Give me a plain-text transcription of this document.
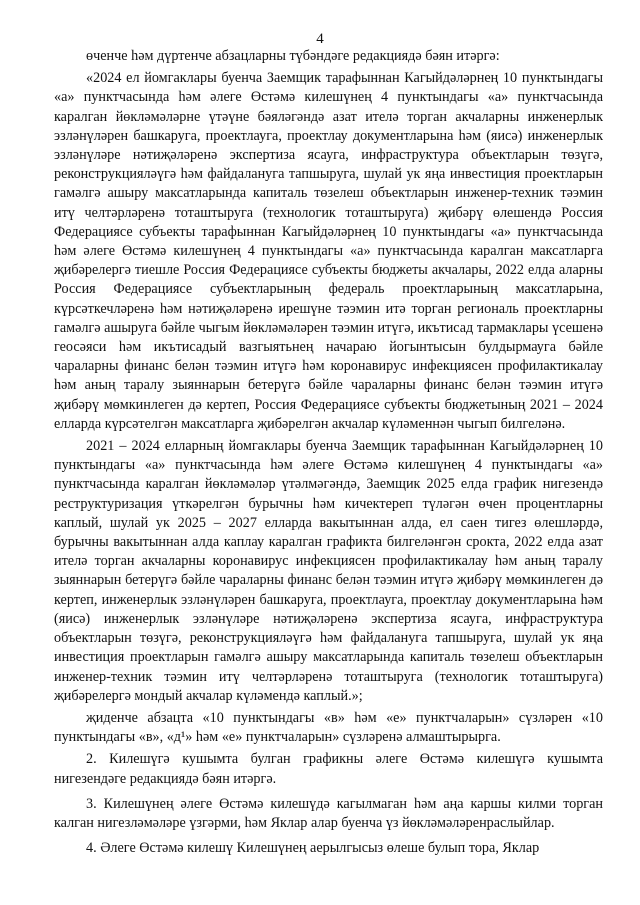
4

өченче һәм дүртенче абзацларны түбәндәге редакциядә бәян итәргә:

«2024 ел йомгаклары буенча Заемщик тарафыннан Кагыйдәләрнең 10 пунктындагы «а» пунктчасында һәм әлеге Өстәмә килешүнең 4 пунктындагы «а» пунктчасында каралган йөкләмәләрне үтәүне бәяләгәндә азат ителә торган акчаларны инженерлык эзләнүләрен башкаруга, проектлауга, проектлау документларына һәм (яисә) инженерлык эзләнүләре нәтиҗәләренә экспертиза ясауга, инфраструктура объектларын төзүгә, реконструкцияләүгә һәм файдалануга тапшыруга, шулай ук яңа инвестиция проектларын гамәлгә ашыру максатларында капиталь төзелеш объектларын инженер-техник тәэмин итү челтәрләренә тоташтыруга (технологик тоташтыруга) җибәрү өлешендә Россия Федерациясе субъекты тарафыннан Кагыйдәләрнең 10 пунктындагы «а» пунктчасында һәм әлеге Өстәмә килешүнең 4 пунктындагы «а» пунктчасында каралган максатларга җибәрелергә тиешле Россия Федерациясе субъекты бюджеты акчалары, 2022 елда аларны Россия Федерациясе субъектларының федераль проектларының максатларына, күрсәткечләренә һәм нәтиҗәләренә ирешүне тәэмин итә торган региональ проектларны гамәлгә ашыруга бәйле чыгым йөкләмәләрен тәэмин итүгә, икътисад тармаклары үсешенә геосәяси һәм икътисадый вазгыятьнең начараю йогынтысын булдырмауга бәйле чараларны финанс белән тәэмин итүгә һәм коронавирус инфекциясен профилактикалау һәм аның таралу зыяннарын бетерүгә бәйле чараларны финанс белән тәэмин итүгә җибәрү мөмкинлеген дә кертеп, Россия Федерациясе субъекты бюджетының 2021 – 2024 елларда күрсәтелгән максатларга җибәрелгән акчалар күләменнән чыгып билгеләнә.

2021 – 2024 елларның йомгаклары буенча Заемщик тарафыннан Кагыйдәләрнең 10 пунктындагы «а» пунктчасында һәм әлеге Өстәмә килешүнең 4 пунктындагы «а» пунктчасында каралган йөкләмәләр үтәлмәгәндә, Заемщик 2025 елда график нигезендә реструктуризация үткәрелгән бурычны һәм кичектереп түләгән өчен процентларны каплый, шулай ук 2025 – 2027 елларда вакытыннан алда, ел саен тигез өлешләрдә, бурычны вакытыннан алда каплау каралган графикта билгеләнгән срокта, 2022 елда азат ителә торган акчаларны коронавирус инфекциясен профилактикалау һәм аның таралу зыяннарын бетерүгә бәйле чараларны финанс белән тәэмин итүгә җибәрү мөмкинлеген дә кертеп, инженерлык эзләнүләрен башкаруга, проектлауга, проектлау документларына һәм (яисә) инженерлык эзләнүләре нәтиҗәләренә экспертиза ясауга, инфраструктура объектларын төзүгә, реконструкцияләүгә һәм файдалануга тапшыруга, шулай ук яңа инвестиция проектларын гамәлгә ашыру максатларында капиталь төзелеш объектларын инженер-техник тәэмин итү челтәрләренә тоташтыруга (технологик тоташтыруга) җибәрелергә мондый акчалар күләмендә каплый.»;

җиденче абзацта «10 пунктындагы «в» һәм «е» пунктчаларын» сүзләрен «10 пунктындагы «в», «д¹» һәм «е» пунктчаларын» сүзләренә алмаштырырга.

2. Килешүгә кушымта булган графикны әлеге Өстәмә килешүгә кушымта нигезендәге редакциядә бәян итәргә.

3. Килешүнең әлеге Өстәмә килешүдә кагылмаган һәм аңа каршы килми торган калган нигезләмәләре үзгәрми, һәм Яклар алар буенча үз йөкләмәләренраслыйлар.

4. Әлеге Өстәмә килешү Килешүнең аерылгысыз өлеше булып тора, Яклар
